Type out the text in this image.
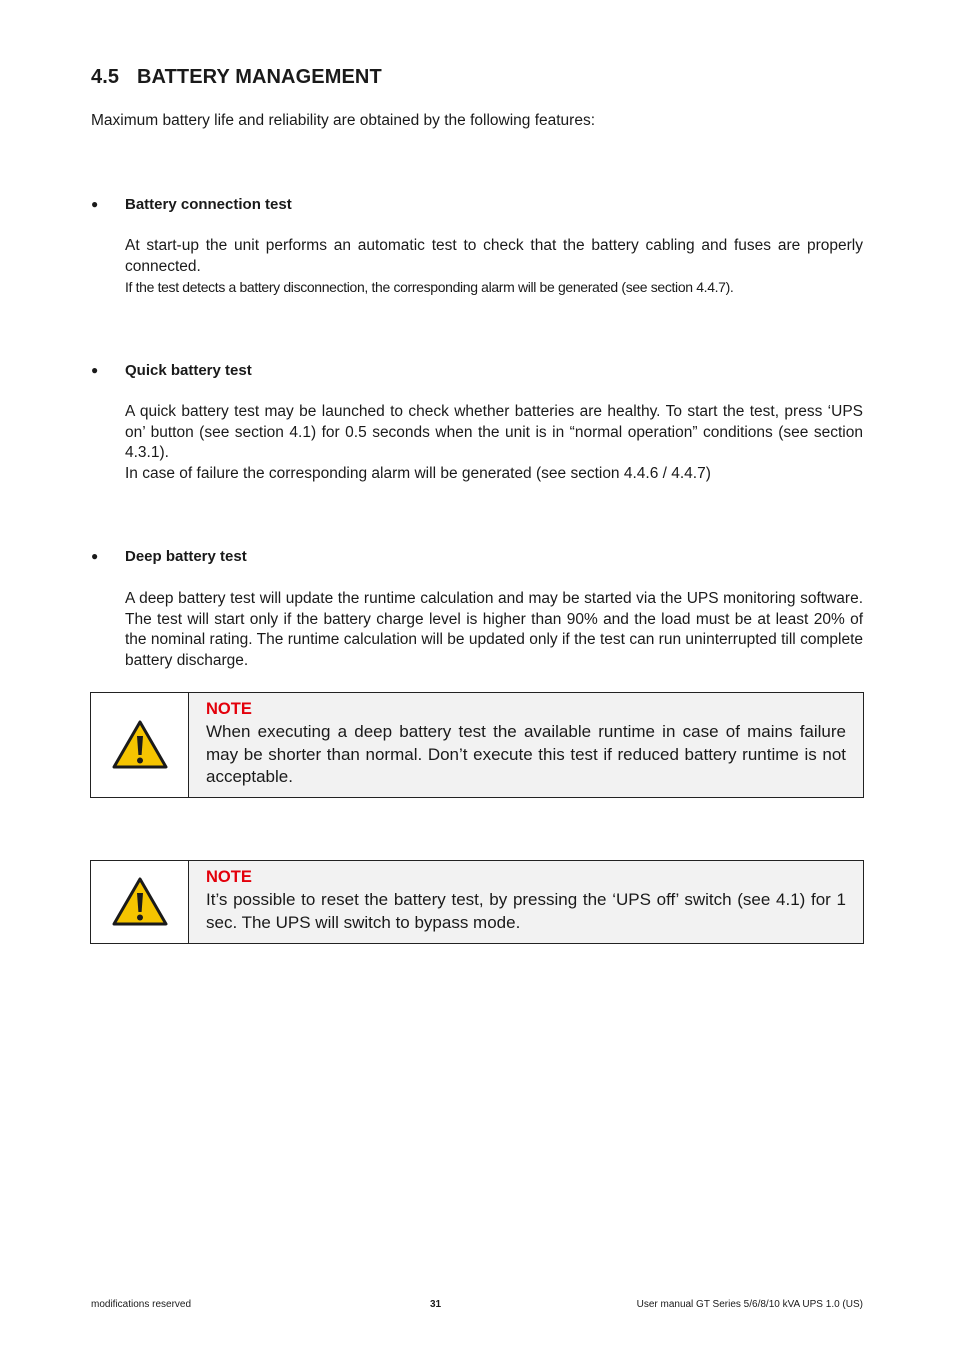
4.5 BATTERY MANAGEMENT
Maximum battery life and reliability are obtained by the following features:
● Battery connection test

At start-up the unit performs an automatic test to check that the battery cabling and fuses are properly connected.

If the test detects a battery disconnection, the corresponding alarm will be generated (see section 4.4.7).

● Quick battery test

A quick battery test may be launched to check whether batteries are healthy. To start the test, press ‘UPS on’ button (see section 4.1) for 0.5 seconds when the unit is in “normal operation” conditions (see section 4.3.1).

In case of failure the corresponding alarm will be generated (see section 4.4.6 / 4.4.7)

● Deep battery test

A deep battery test will update the runtime calculation and may be started via the UPS monitoring software. The test will start only if the battery charge level is higher than 90% and the load must be at least 20% of the nominal rating. The runtime calculation will be updated only if the test can run uninterrupted till complete battery discharge.

NOTE
When executing a deep battery test the available runtime in case of mains failure may be shorter than normal. Don’t execute this test if reduced battery runtime is not acceptable.
NOTE
It’s possible to reset the battery test, by pressing the ‘UPS off’ switch (see 4.1) for 1 sec. The UPS will switch to bypass mode.
modifications reserved	31	User manual GT Series 5/6/8/10 kVA UPS 1.0 (US)
